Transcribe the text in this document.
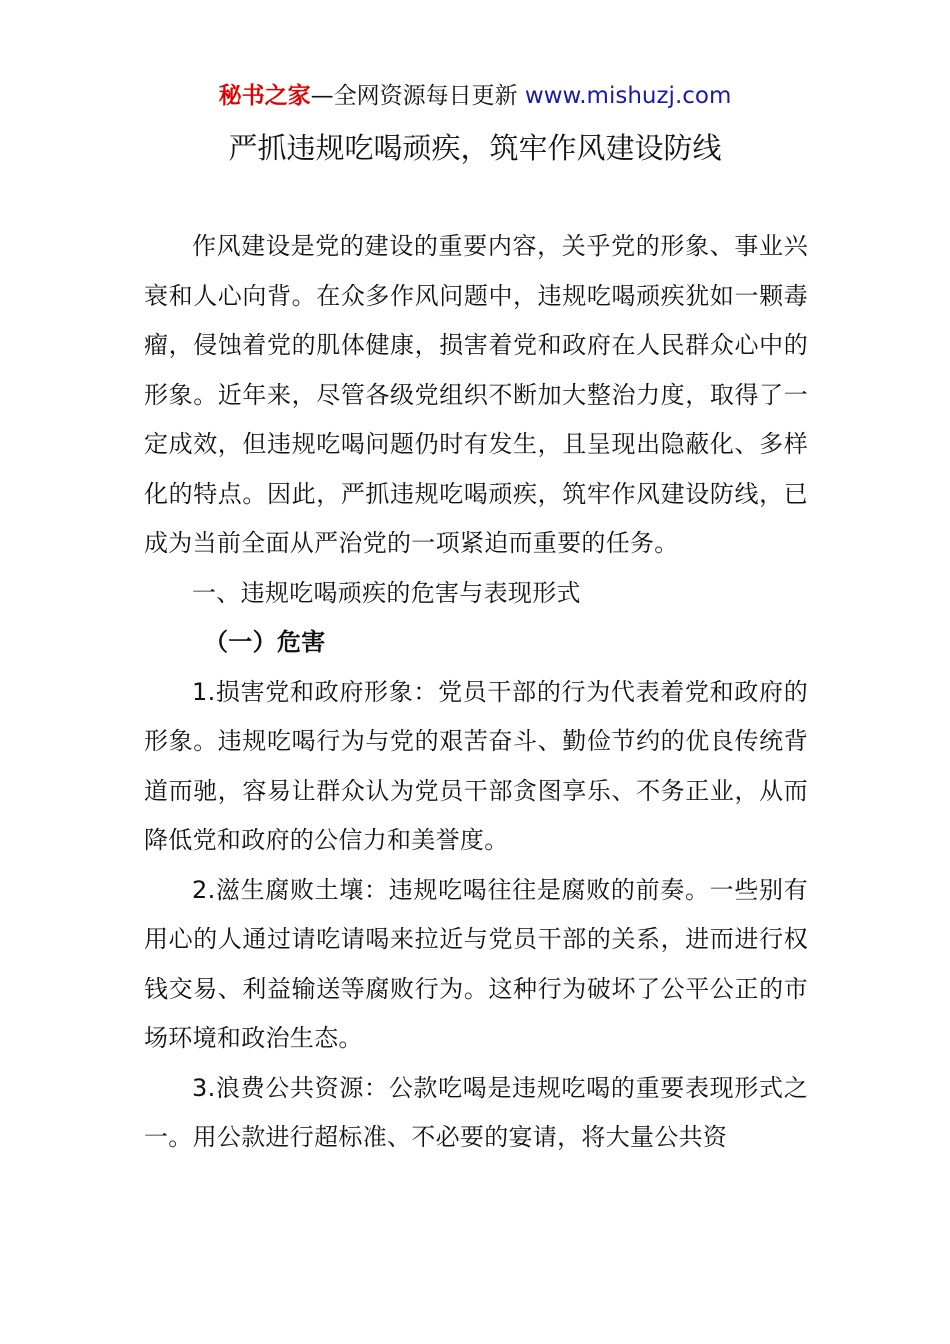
秘书之家—全网资源每日更新 www.mishuzj.com
严抓违规吃喝顽疾，筑牢作风建设防线

作风建设是党的建设的重要内容，关乎党的形象、事业兴衰和人心向背。在众多作风问题中，违规吃喝顽疾犹如一颗毒瘤，侵蚀着党的肌体健康，损害着党和政府在人民群众心中的形象。近年来，尽管各级党组织不断加大整治力度，取得了一定成效，但违规吃喝问题仍时有发生，且呈现出隐蔽化、多样化的特点。因此，严抓违规吃喝顽疾，筑牢作风建设防线，已成为当前全面从严治党的一项紧迫而重要的任务。

一、违规吃喝顽疾的危害与表现形式

（一）危害

1.损害党和政府形象：党员干部的行为代表着党和政府的形象。违规吃喝行为与党的艰苦奋斗、勤俭节约的优良传统背道而驰，容易让群众认为党员干部贪图享乐、不务正业，从而降低党和政府的公信力和美誉度。

2.滋生腐败土壤：违规吃喝往往是腐败的前奏。一些别有用心的人通过请吃请喝来拉近与党员干部的关系，进而进行权钱交易、利益输送等腐败行为。这种行为破坏了公平公正的市场环境和政治生态。

3.浪费公共资源：公款吃喝是违规吃喝的重要表现形式之一。用公款进行超标准、不必要的宴请，将大量公共资
